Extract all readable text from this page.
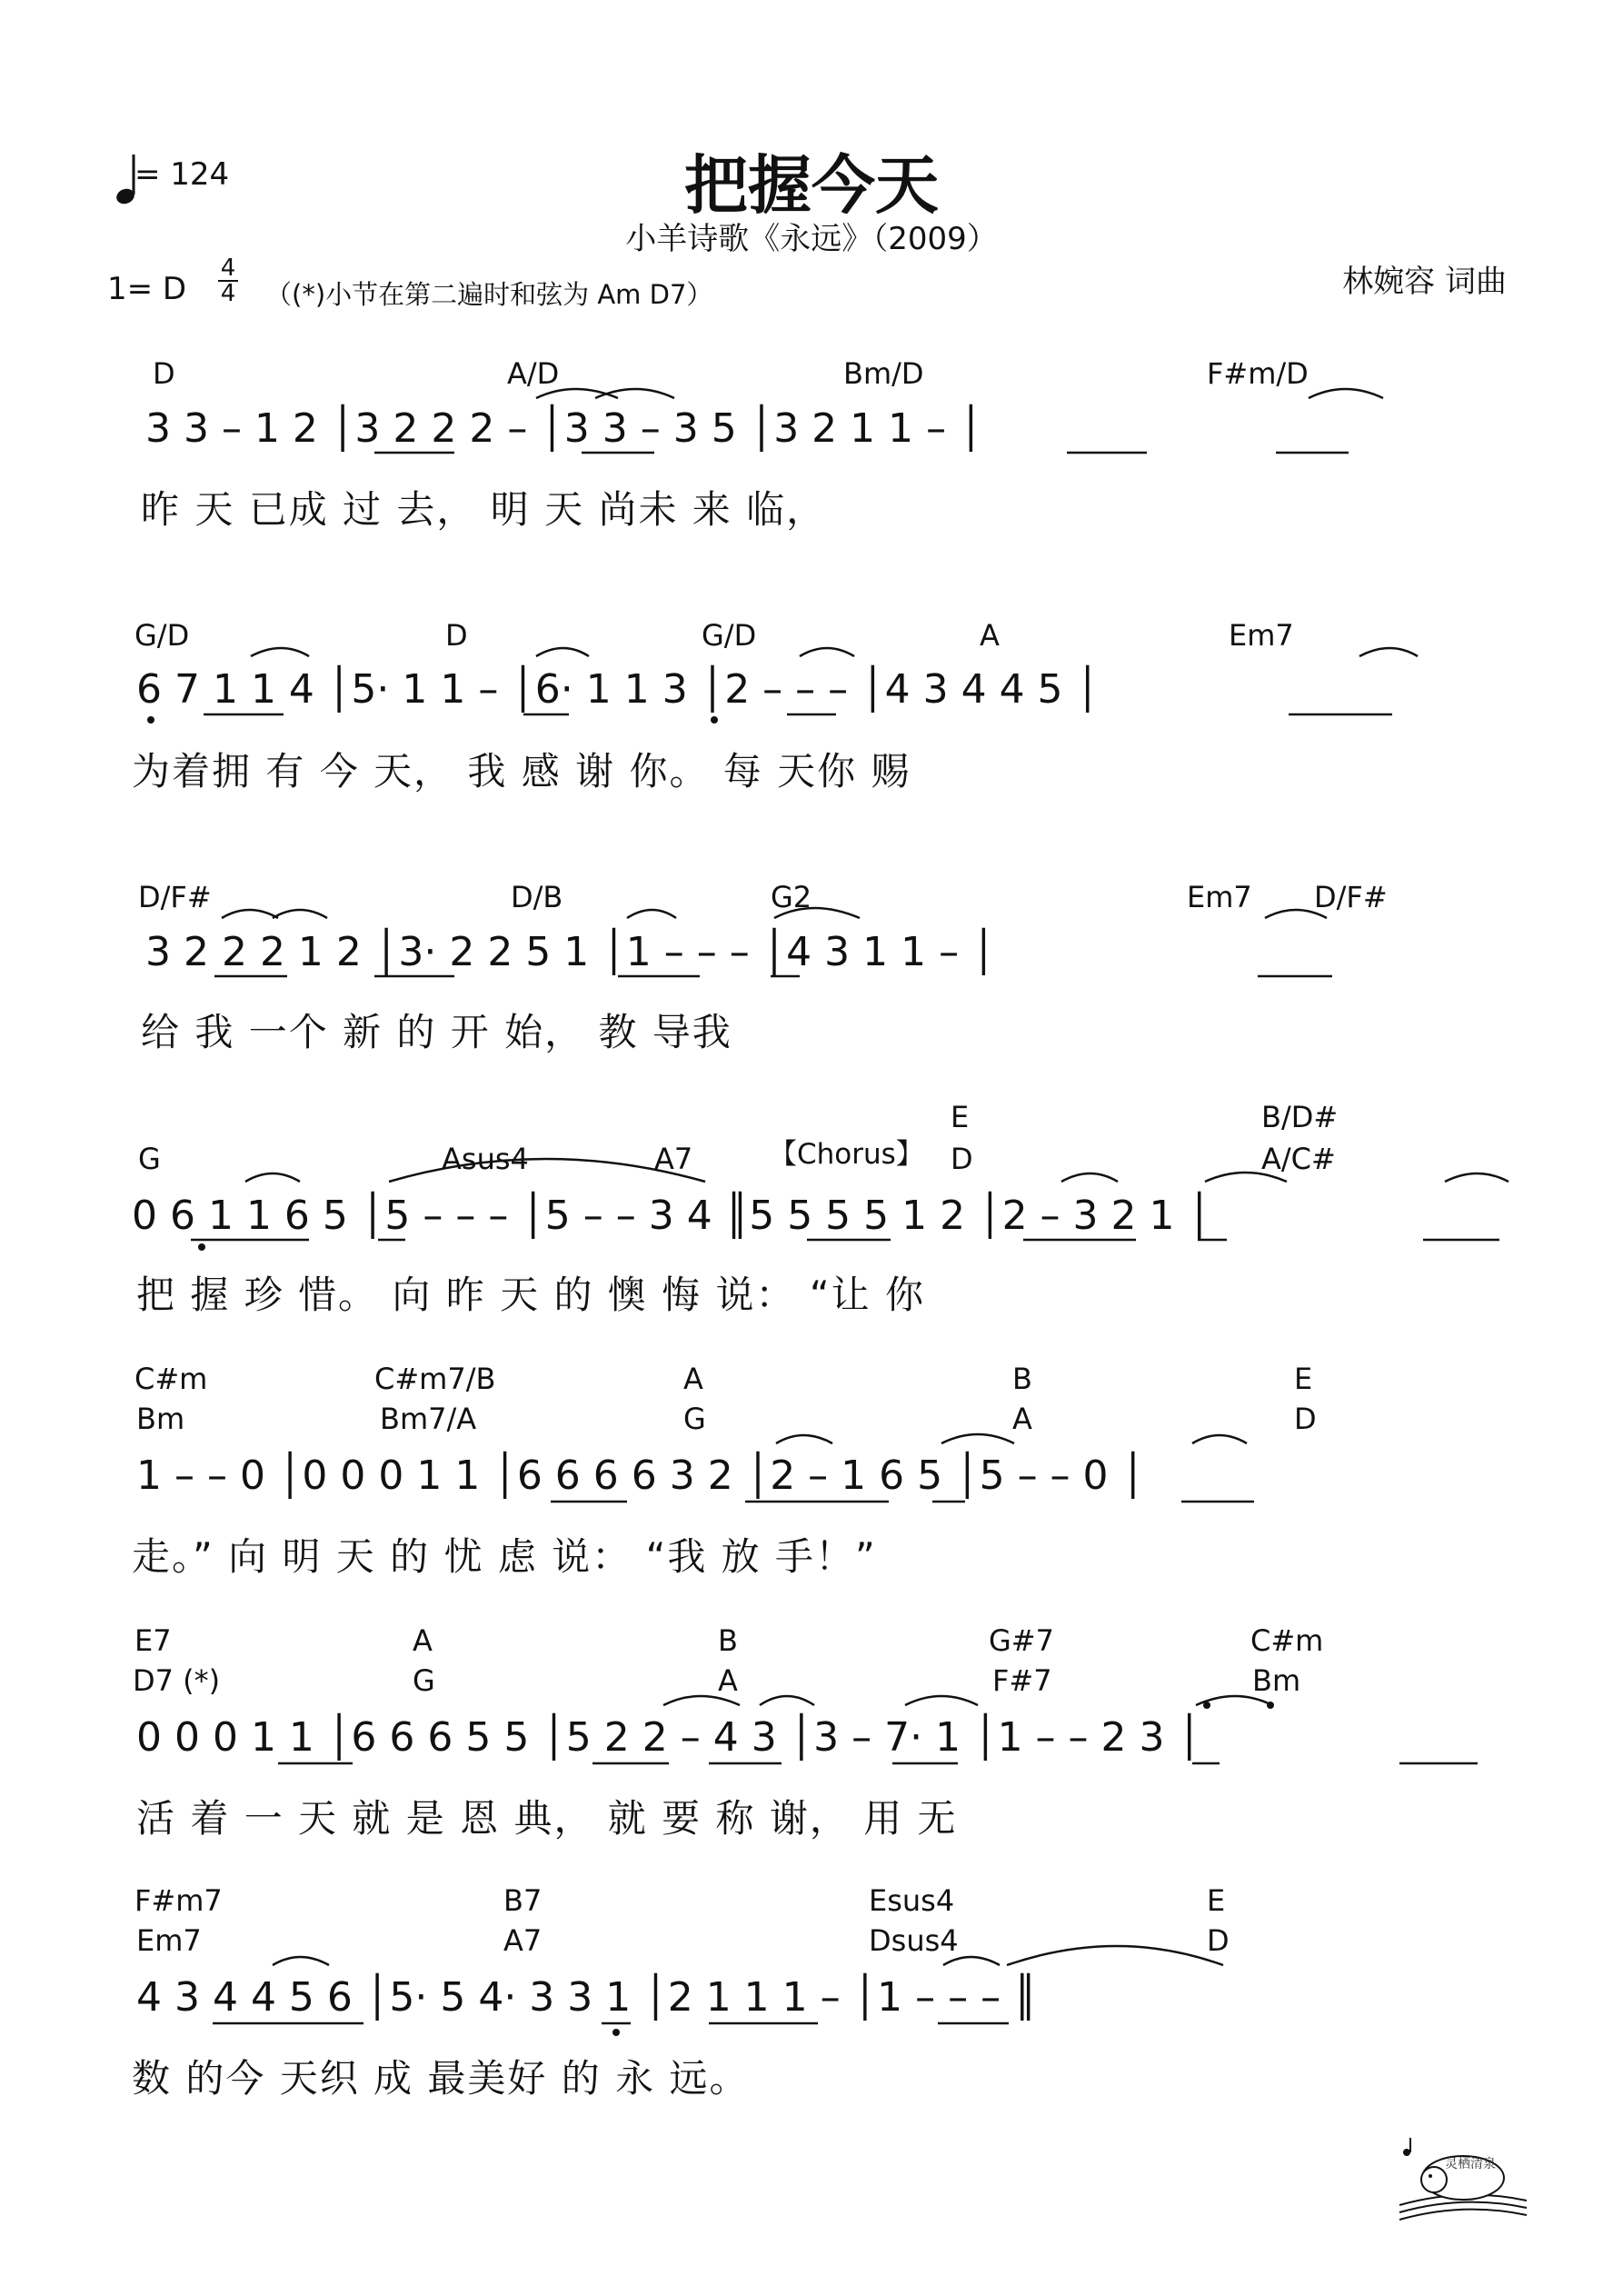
= 124	把握今天
小羊诗歌《永远》（2009）
1= D
4
4 （(*)小节在第二遍时和弦为 Am D7）	林婉容 词曲
D	A/D	Bm/D	F#m/D
3 3 – 1 2 │3 2 2 2 – │3 3 – 3 5 │3 2 1 1 – │
昨 天 已成 过 去， 明 天 尚未 来 临，
G/D	D	G/D	A	Em7
6 7 1 1 4 │5· 1 1 – │6· 1 1 3 │2 – – – │4 3 4 4 5 │
为着拥 有 今 天， 我 感 谢 你。 每 天你 赐
D/F#	D/B	G2	Em7 D/F#
3 2 2 2 1 2 │3· 2 2 5 1 │1 – – – │4 3 1 1 – │
给 我 一个 新 的 开 始， 教 导我
Asus4	A7
E
【Chorus】
B/D#
G	D	A/C#
0 6 1 1 6 5 │5 – – – │5 – – 3 4 ║5 5 5 5 1 2 │2 – 3 2 1 │
把 握 珍 惜。 向 昨 天 的 懊 悔 说： “让 你
C#m
Bm
C#m7/B
Bm7/A
A
G
B
A
E
D
1 – – 0 │0 0 0 1 1 │6 6 6 6 3 2 │2 – 1 6 5 │5 – – 0 │
走。” 向 明 天 的 忧 虑 说： “我 放 手！”
E7
D7 (*)
A
G
B
A
G#7
F#7
C#m
Bm
0 0 0 1 1 │6 6 6 5 5 │5 2 2 – 4 3 │3 – 7· 1 │1 – – 2 3 │
活 着 一 天 就 是 恩 典， 就 要 称 谢， 用 无
F#m7
Em7
B7
A7
Esus4
Dsus4
E
D
4 3 4 4 5 6 │5· 5 4· 3 3 1 │2 1 1 1 – │1 – – – ║
数 的今 天织 成 最美好 的 永 远。
灵栖清泉
